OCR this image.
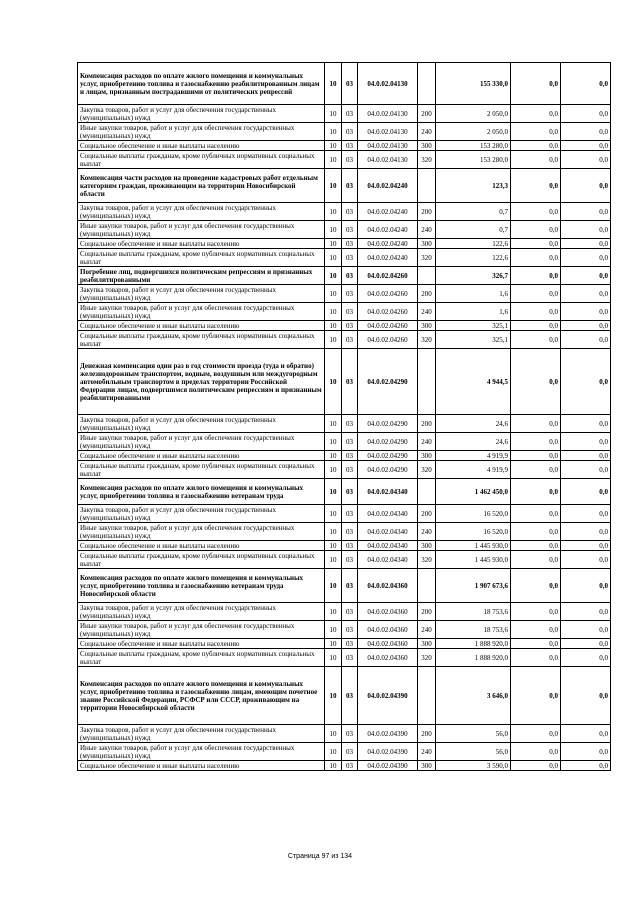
Компенсация расходов по оплате жилого помещения и коммунальных услуг, приобретению топлива и газоснабжению реабилитированным лицам и лицам, признанным пострадавшими от политических репрессий	10	03	04.0.02.04130		155 330,0	0,0	0,0
Закупка товаров, работ и услуг для обеспечения государственных (муниципальных) нужд	10	03	04.0.02.04130	200	2 050,0	0,0	0,0
Иные закупки товаров, работ и услуг для обеспечения государственных (муниципальных) нужд	10	03	04.0.02.04130	240	2 050,0	0,0	0,0
Социальное обеспечение и иные выплаты населению	10	03	04.0.02.04130	300	153 280,0	0,0	0,0
Социальные выплаты гражданам, кроме публичных нормативных социальных выплат	10	03	04.0.02.04130	320	153 280,0	0,0	0,0
Компенсация части расходов на проведение кадастровых работ отдельным категориям граждан, проживающим на территории Новосибирской области	10	03	04.0.02.04240		123,3	0,0	0,0
Закупка товаров, работ и услуг для обеспечения государственных (муниципальных) нужд	10	03	04.0.02.04240	200	0,7	0,0	0,0
Иные закупки товаров, работ и услуг для обеспечения государственных (муниципальных) нужд	10	03	04.0.02.04240	240	0,7	0,0	0,0
Социальное обеспечение и иные выплаты населению	10	03	04.0.02.04240	300	122,6	0,0	0,0
Социальные выплаты гражданам, кроме публичных нормативных социальных выплат	10	03	04.0.02.04240	320	122,6	0,0	0,0
Погребение лиц, подвергшихся политическим репрессиям и признанных реабилитированными	10	03	04.0.02.04260		326,7	0,0	0,0
Закупка товаров, работ и услуг для обеспечения государственных (муниципальных) нужд	10	03	04.0.02.04260	200	1,6	0,0	0,0
Иные закупки товаров, работ и услуг для обеспечения государственных (муниципальных) нужд	10	03	04.0.02.04260	240	1,6	0,0	0,0
Социальное обеспечение и иные выплаты населению	10	03	04.0.02.04260	300	325,1	0,0	0,0
Социальные выплаты гражданам, кроме публичных нормативных социальных выплат	10	03	04.0.02.04260	320	325,1	0,0	0,0
Денежная компенсация один раз в год стоимости проезда (туда и обратно) железнодорожным транспортом, водным, воздушным или междугородным автомобильным транспортом в пределах территории Российской Федерации лицам, подвергшимся политическим репрессиям и признанным реабилитированными	10	03	04.0.02.04290		4 944,5	0,0	0,0
Закупка товаров, работ и услуг для обеспечения государственных (муниципальных) нужд	10	03	04.0.02.04290	200	24,6	0,0	0,0
Иные закупки товаров, работ и услуг для обеспечения государственных (муниципальных) нужд	10	03	04.0.02.04290	240	24,6	0,0	0,0
Социальное обеспечение и иные выплаты населению	10	03	04.0.02.04290	300	4 919,9	0,0	0,0
Социальные выплаты гражданам, кроме публичных нормативных социальных выплат	10	03	04.0.02.04290	320	4 919,9	0,0	0,0
Компенсация расходов по оплате жилого помещения и коммунальных услуг, приобретению топлива и газоснабжению ветеранам труда	10	03	04.0.02.04340		1 462 450,0	0,0	0,0
Закупка товаров, работ и услуг для обеспечения государственных (муниципальных) нужд	10	03	04.0.02.04340	200	16 520,0	0,0	0,0
Иные закупки товаров, работ и услуг для обеспечения государственных (муниципальных) нужд	10	03	04.0.02.04340	240	16 520,0	0,0	0,0
Социальное обеспечение и иные выплаты населению	10	03	04.0.02.04340	300	1 445 930,0	0,0	0,0
Социальные выплаты гражданам, кроме публичных нормативных социальных выплат	10	03	04.0.02.04340	320	1 445 930,0	0,0	0,0
Компенсация расходов по оплате жилого помещения и коммунальных услуг, приобретению топлива и газоснабжению ветеранам труда Новосибирской области	10	03	04.0.02.04360		1 907 673,6	0,0	0,0
Закупка товаров, работ и услуг для обеспечения государственных (муниципальных) нужд	10	03	04.0.02.04360	200	18 753,6	0,0	0,0
Иные закупки товаров, работ и услуг для обеспечения государственных (муниципальных) нужд	10	03	04.0.02.04360	240	18 753,6	0,0	0,0
Социальное обеспечение и иные выплаты населению	10	03	04.0.02.04360	300	1 888 920,0	0,0	0,0
Социальные выплаты гражданам, кроме публичных нормативных социальных выплат	10	03	04.0.02.04360	320	1 888 920,0	0,0	0,0
Компенсация расходов по оплате жилого помещения и коммунальных услуг, приобретению топлива и газоснабжению лицам, имеющим почетное звание Российской Федерации, РСФСР или СССР, проживающим на территории Новосибирской области	10	03	04.0.02.04390		3 646,0	0,0	0,0
Закупка товаров, работ и услуг для обеспечения государственных (муниципальных) нужд	10	03	04.0.02.04390	200	56,0	0,0	0,0
Иные закупки товаров, работ и услуг для обеспечения государственных (муниципальных) нужд	10	03	04.0.02.04390	240	56,0	0,0	0,0
Социальное обеспечение и иные выплаты населению	10	03	04.0.02.04390	300	3 590,0	0,0	0,0
Страница 97 из 134
